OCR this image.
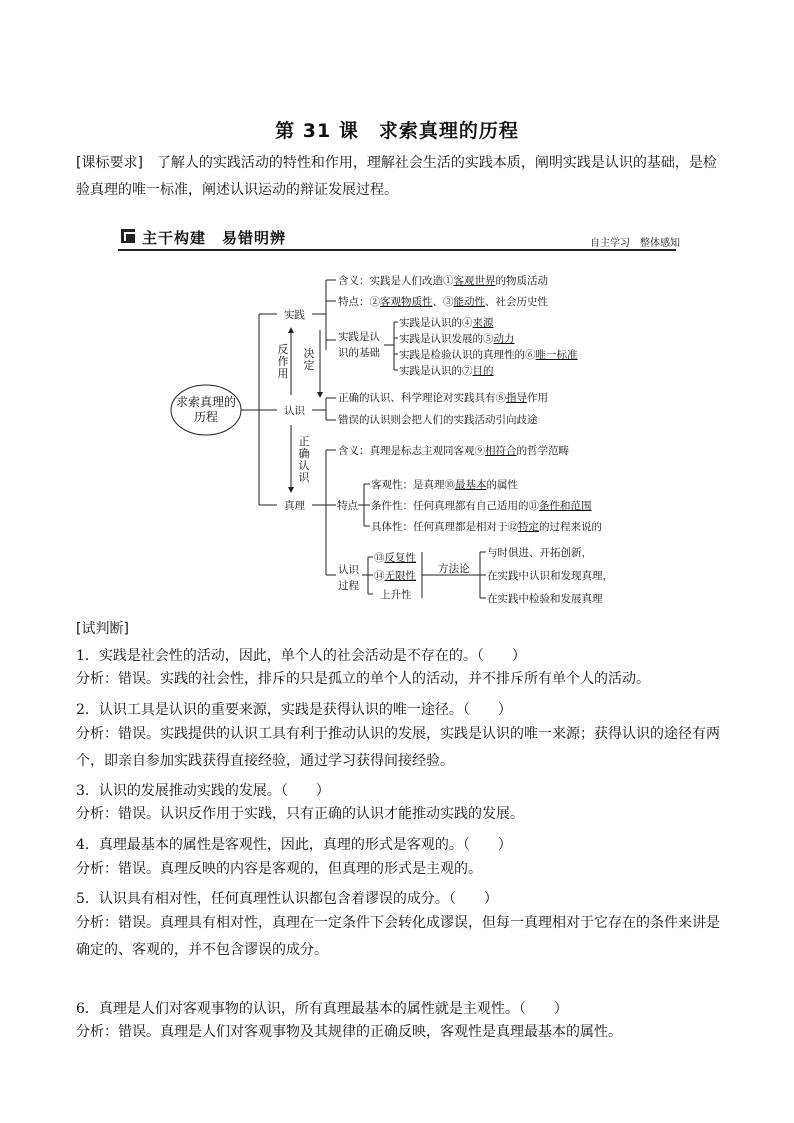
第 31 课　求索真理的历程
[课标要求]　 了解人的实践活动的特性和作用，理解社会生活的实践本质，阐明实践是认识的基础，是检验真理的唯一标准，阐述认识运动的辩证发展过程。
主干构建　易错明辨	自主学习　整体感知
求索真理的历程
实践
含义：实践是人们改造①客观世界的物质活动
特点：②客观物质性、③能动性、社会历史性
实践是认
识的基础
实践是认识的④来源
实践是认识发展的⑤动力
实践是检验认识的真理性的⑥唯一标准
实践是认识的⑦目的
反作用
决定
正确认识
认识
正确的认识、科学理论对实践具有⑧指导作用
错误的认识则会把人们的实践活动引向歧途
真理
含义：真理是标志主观同客观⑨相符合的哲学范畴
特点
客观性：是真理⑩最基本的属性
条件性：任何真理都有自己适用的⑪条件和范围
具体性：任何真理都是相对于⑫特定的过程来说的
认识
过程
⑬反复性
⑭无限性
上升性
方法论
与时俱进、开拓创新，
在实践中认识和发现真理，
在实践中检验和发展真理
[试判断]
1．实践是社会性的活动，因此，单个人的社会活动是不存在的。（　　）
分析：错误。实践的社会性，排斥的只是孤立的单个人的活动，并不排斥所有单个人的活动。
2．认识工具是认识的重要来源，实践是获得认识的唯一途径。（　　）
分析：错误。实践提供的认识工具有利于推动认识的发展，实践是认识的唯一来源；获得认识的途径有两个，即亲自参加实践获得直接经验，通过学习获得间接经验。
3．认识的发展推动实践的发展。（　　）
分析：错误。认识反作用于实践，只有正确的认识才能推动实践的发展。
4．真理最基本的属性是客观性，因此，真理的形式是客观的。（　　）
分析：错误。真理反映的内容是客观的，但真理的形式是主观的。
5．认识具有相对性，任何真理性认识都包含着谬误的成分。（　　）
分析：错误。真理具有相对性，真理在一定条件下会转化成谬误，但每一真理相对于它存在的条件来讲是确定的、客观的，并不包含谬误的成分。
6．真理是人们对客观事物的认识，所有真理最基本的属性就是主观性。（　　）
分析：错误。真理是人们对客观事物及其规律的正确反映，客观性是真理最基本的属性。
